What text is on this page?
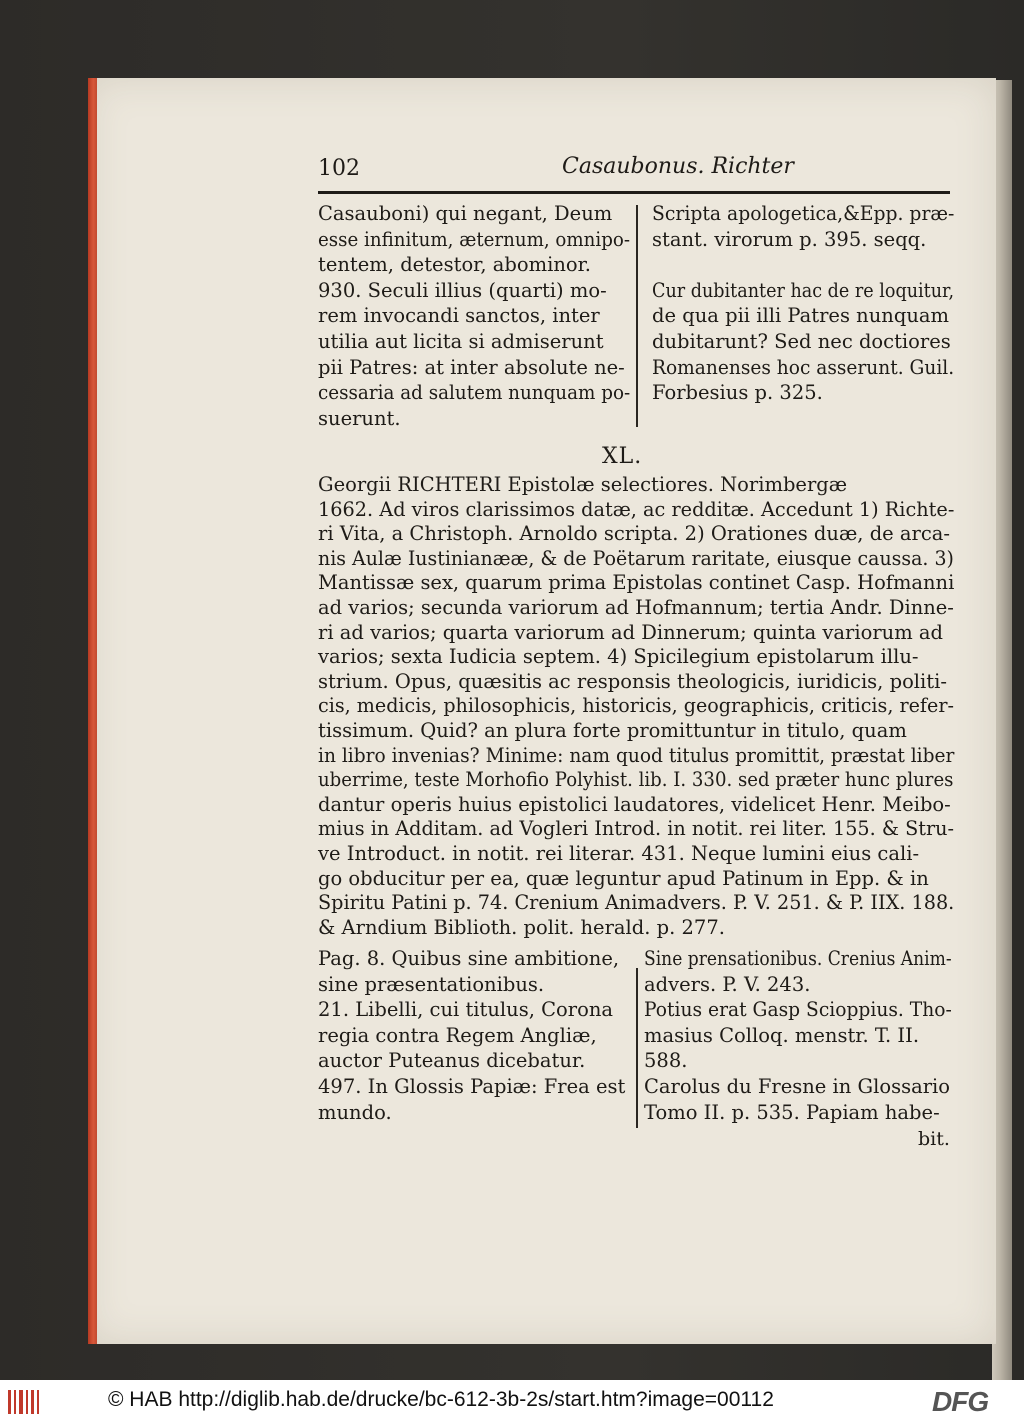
102	Casaubonus. Richter
Casauboni) qui negant, Deum
esse infinitum, æternum, omnipo-
tentem, detestor, abominor.
930. Seculi illius (quarti) mo-
rem invocandi sanctos, inter
utilia aut licita si admiserunt
pii Patres: at inter absolute ne-
cessaria ad salutem nunquam po-
suerunt.
Scripta apologetica,&Epp. præ-
stant. virorum p. 395. seqq.
Cur dubitanter hac de re loquitur,
de qua pii illi Patres nunquam
dubitarunt? Sed nec doctiores
Romanenses hoc asserunt. Guil.
Forbesius p. 325.
XL.
Georgii RICHTERI Epistolæ selectiores. Norimbergæ
1662. Ad viros clarissimos datæ, ac redditæ. Accedunt 1) Richte-
ri Vita, a Christoph. Arnoldo scripta. 2) Orationes duæ, de arca-
nis Aulæ Iustinianææ, & de Poëtarum raritate, eiusque caussa. 3)
Mantissæ sex, quarum prima Epistolas continet Casp. Hofmanni
ad varios; secunda variorum ad Hofmannum; tertia Andr. Dinne-
ri ad varios; quarta variorum ad Dinnerum; quinta variorum ad
varios; sexta Iudicia septem. 4) Spicilegium epistolarum illu-
strium. Opus, quæsitis ac responsis theologicis, iuridicis, politi-
cis, medicis, philosophicis, historicis, geographicis, criticis, refer-
tissimum. Quid? an plura forte promittuntur in titulo, quam
in libro invenias? Minime: nam quod titulus promittit, præstat liber
uberrime, teste Morhofio Polyhist. lib. I. 330. sed præter hunc plures
dantur operis huius epistolici laudatores, videlicet Henr. Meibo-
mius in Additam. ad Vogleri Introd. in notit. rei liter. 155. & Stru-
ve Introduct. in notit. rei literar. 431. Neque lumini eius cali-
go obducitur per ea, quæ leguntur apud Patinum in Epp. & in
Spiritu Patini p. 74. Crenium Animadvers. P. V. 251. & P. IIX. 188.
& Arndium Biblioth. polit. herald. p. 277.
Pag. 8. Quibus sine ambitione,
sine præsentationibus.
21. Libelli, cui titulus, Corona
regia contra Regem Angliæ,
auctor Puteanus dicebatur.
497. In Glossis Papiæ: Frea est
mundo.
Sine prensationibus. Crenius Anim-
advers. P. V. 243.
Potius erat Gasp Scioppius. Tho-
masius Colloq. menstr. T. II.
588.
Carolus du Fresne in Glossario
Tomo II. p. 535. Papiam habe-
bit.
© HAB http://diglib.hab.de/drucke/bc-612-3b-2s/start.htm?image=00112	DFG
